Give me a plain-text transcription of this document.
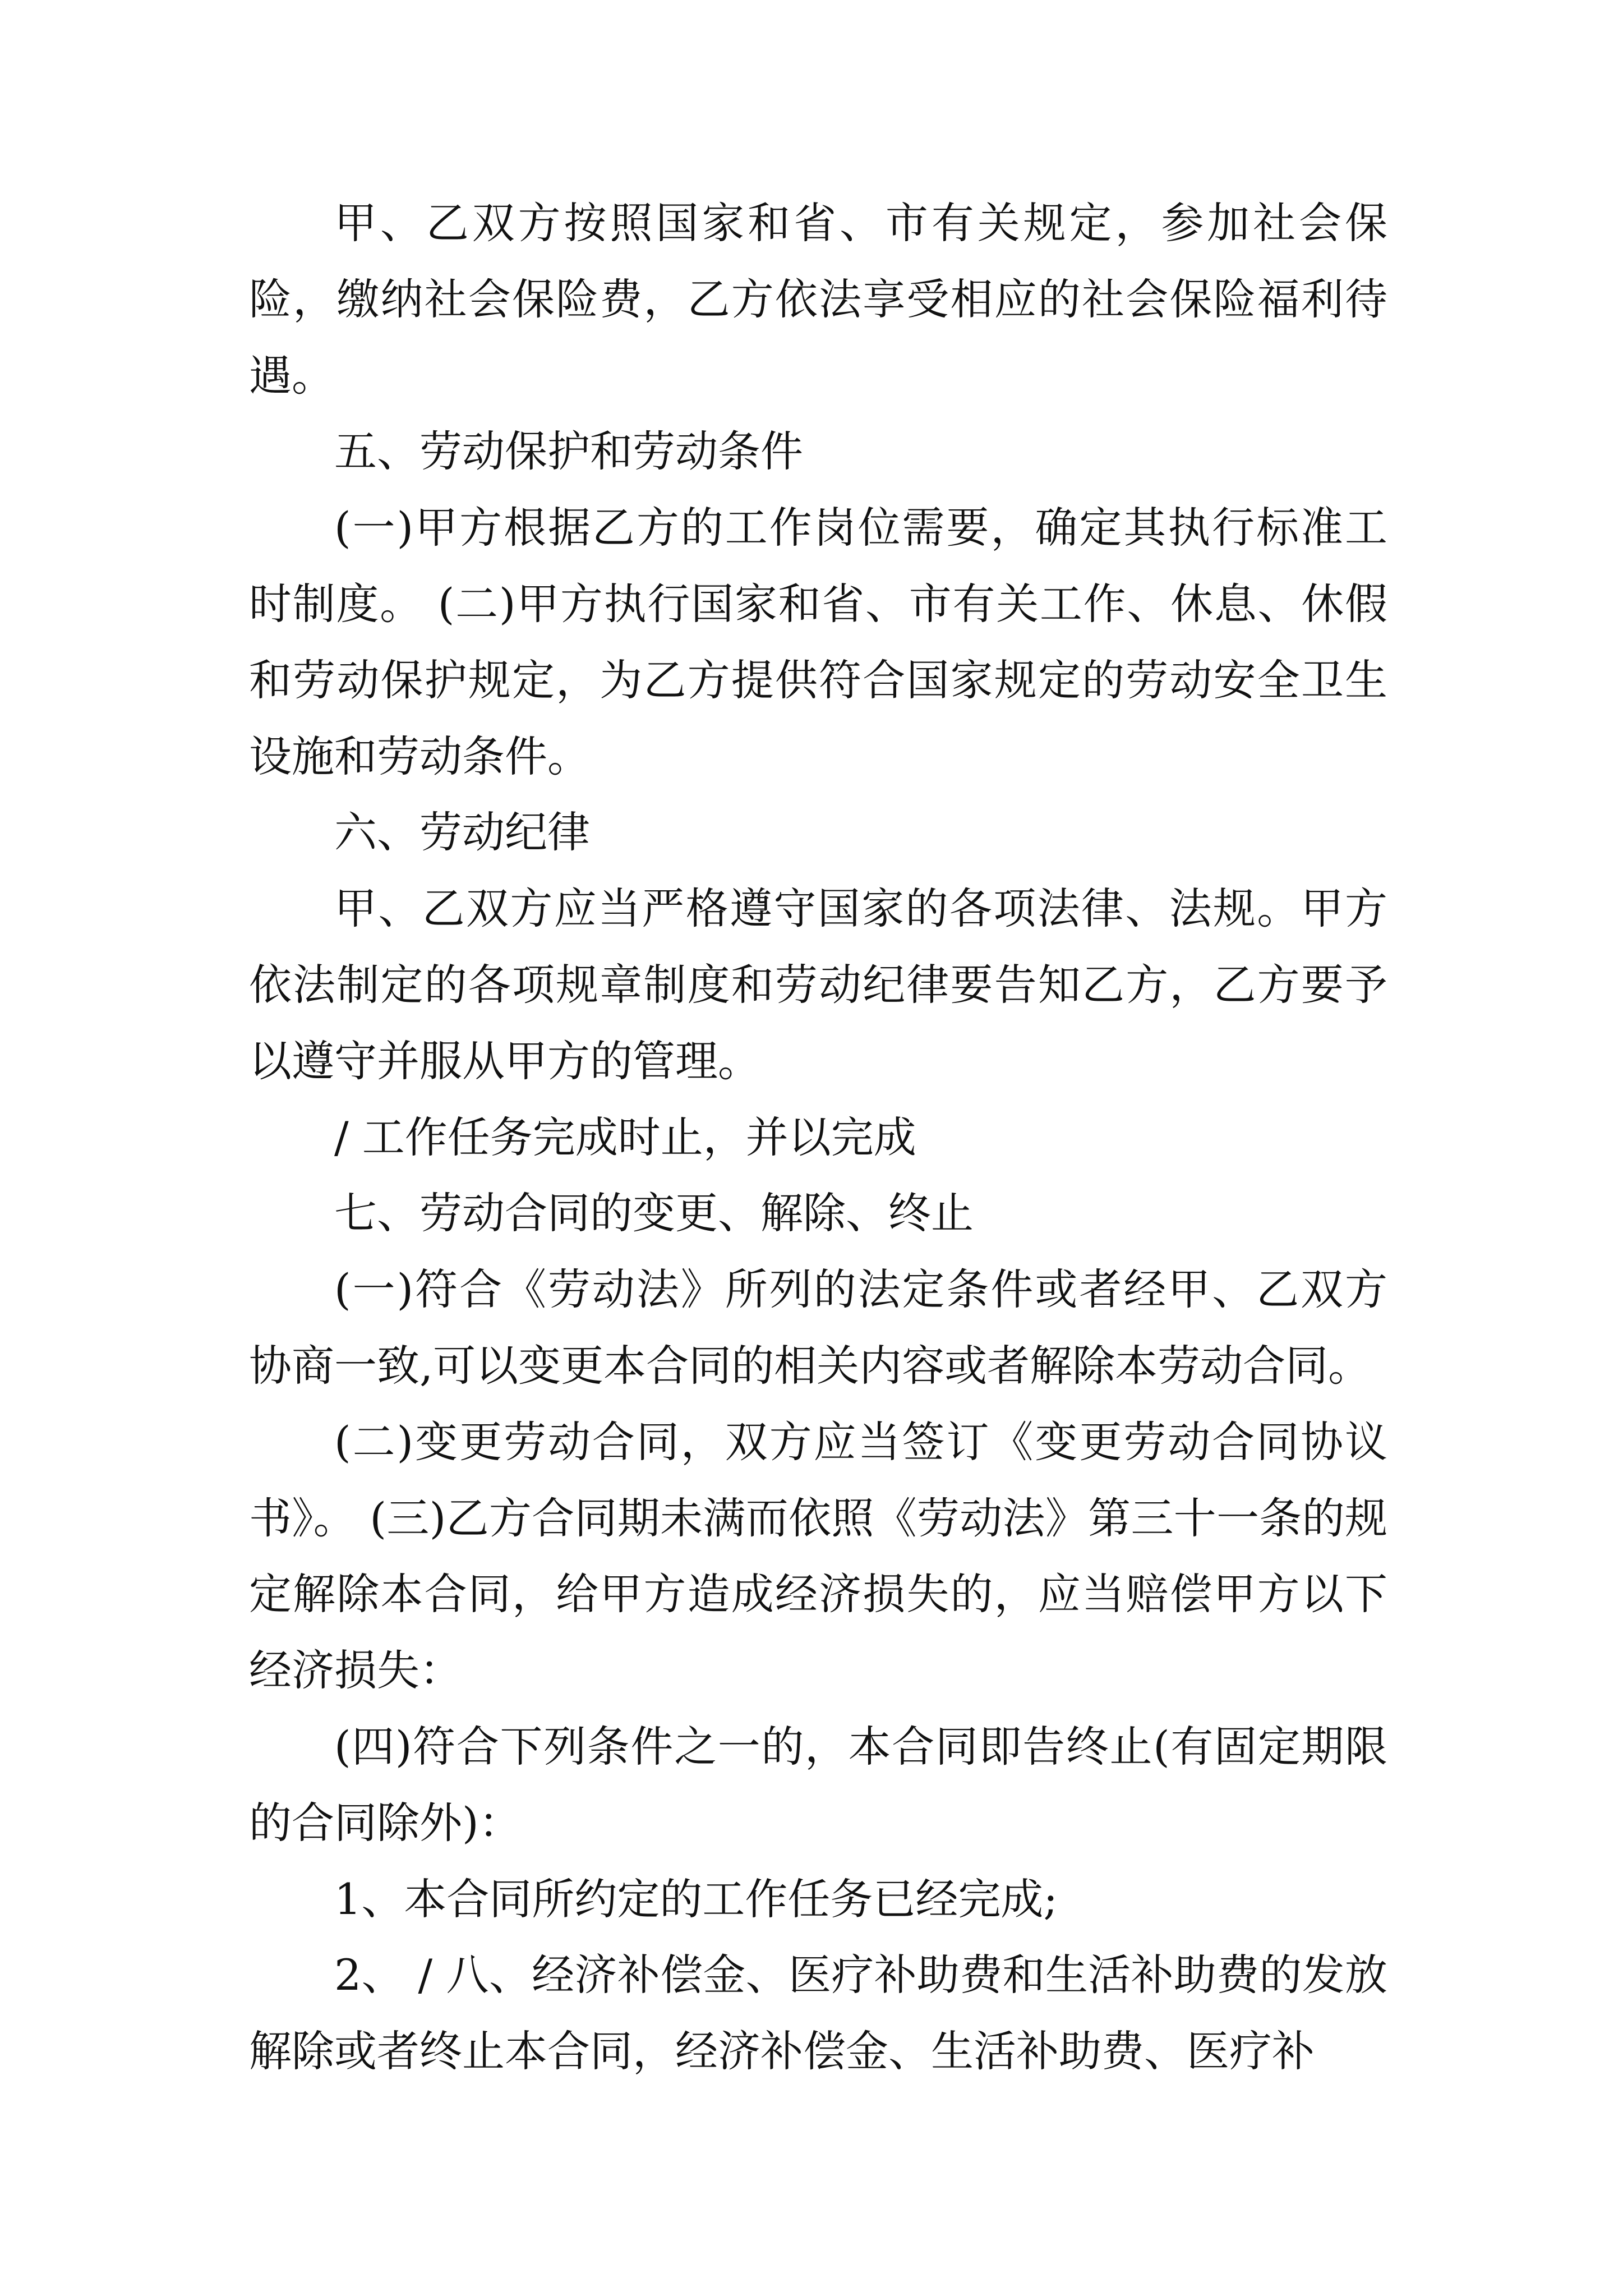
甲、乙双方按照国家和省、市有关规定，参加社会保险，缴纳社会保险费，乙方依法享受相应的社会保险福利待遇。

五、劳动保护和劳动条件

(一)甲方根据乙方的工作岗位需要，确定其执行标准工时制度。 (二)甲方执行国家和省、市有关工作、休息、休假和劳动保护规定，为乙方提供符合国家规定的劳动安全卫生设施和劳动条件。

六、劳动纪律

甲、乙双方应当严格遵守国家的各项法律、法规。甲方依法制定的各项规章制度和劳动纪律要告知乙方，乙方要予以遵守并服从甲方的管理。

/ 工作任务完成时止，并以完成

七、劳动合同的变更、解除、终止

(一)符合《劳动法》所列的法定条件或者经甲、乙双方协商一致,可以变更本合同的相关内容或者解除本劳动合同。

(二)变更劳动合同，双方应当签订《变更劳动合同协议书》。 (三)乙方合同期未满而依照《劳动法》第三十一条的规定解除本合同，给甲方造成经济损失的，应当赔偿甲方以下经济损失：

(四)符合下列条件之一的，本合同即告终止(有固定期限的合同除外)：

1、本合同所约定的工作任务已经完成;

2、 / 八、经济补偿金、医疗补助费和生活补助费的发放解除或者终止本合同，经济补偿金、生活补助费、医疗补
